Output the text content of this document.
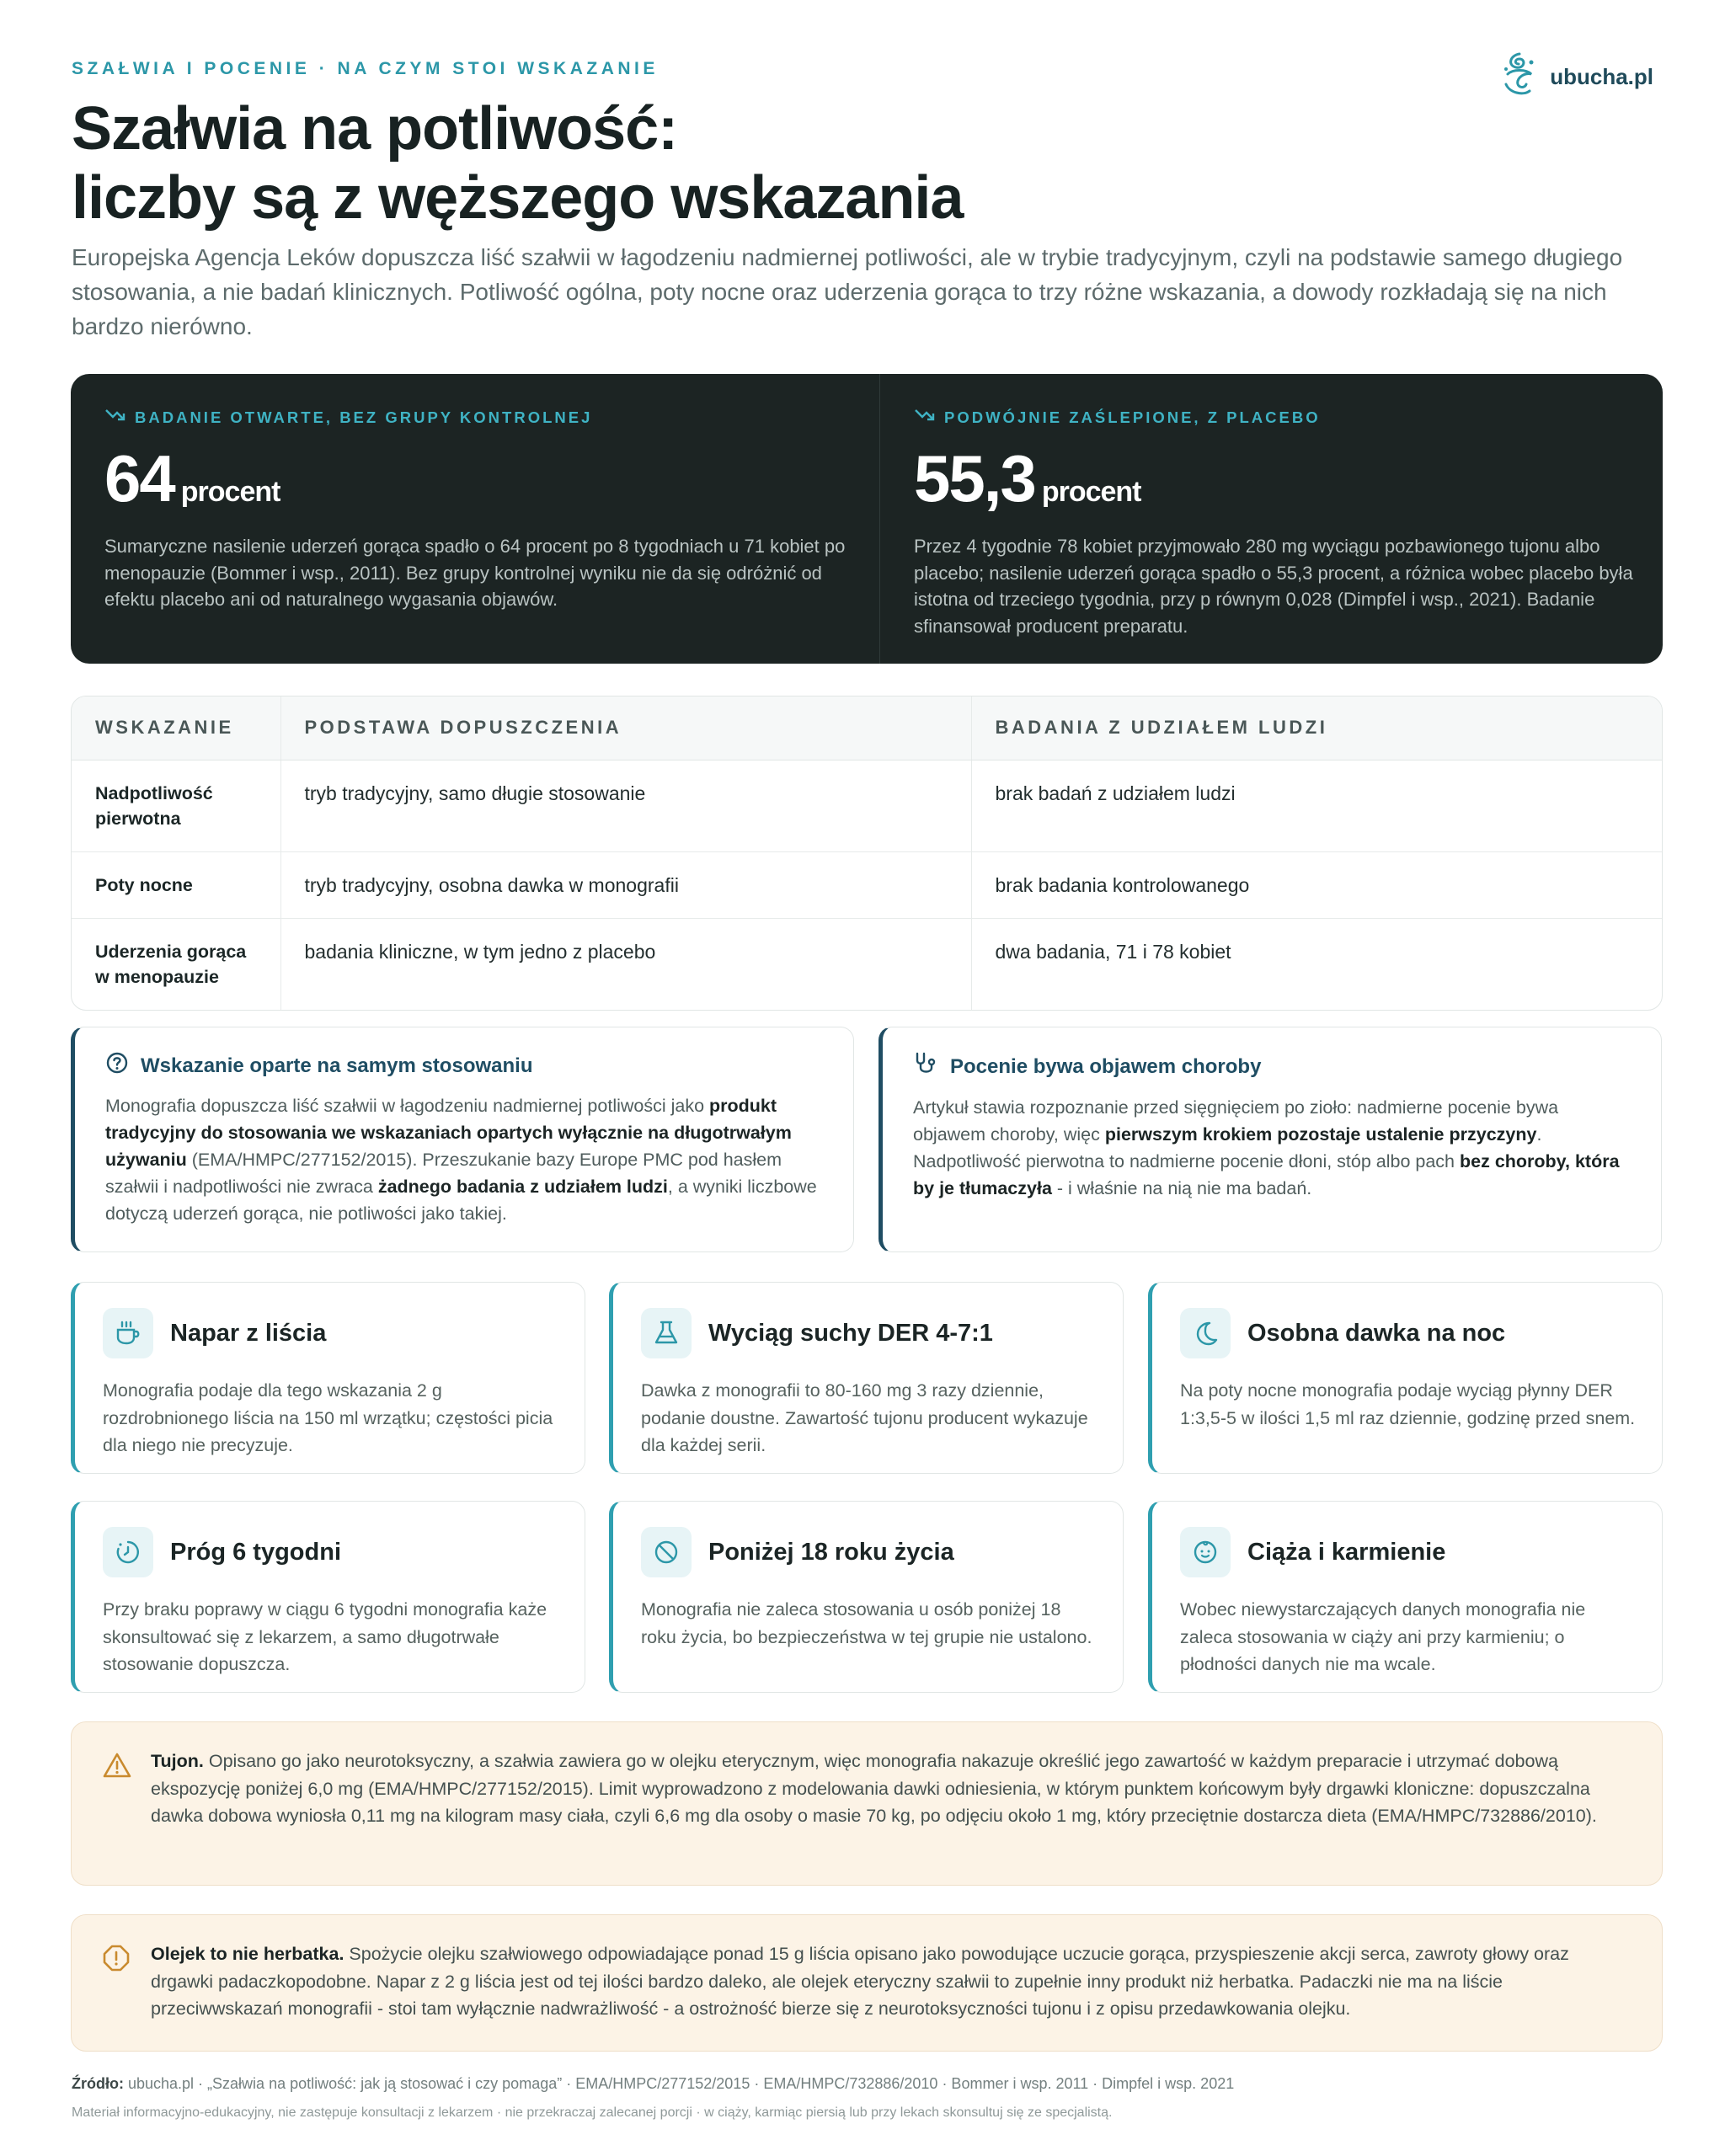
SZAŁWIA I POCENIE · NA CZYM STOI WSKAZANIE	ubucha.pl
Szałwia na potliwość:
liczby są z węższego wskazania

Europejska Agencja Leków dopuszcza liść szałwii w łagodzeniu nadmiernej potliwości, ale w trybie tradycyjnym, czyli na podstawie samego długiego stosowania, a nie badań klinicznych. Potliwość ogólna, poty nocne oraz uderzenia gorąca to trzy różne wskazania, a dowody rozkładają się na nich bardzo nierówno.

BADANIE OTWARTE, BEZ GRUPY KONTROLNEJ
64 procent

Sumaryczne nasilenie uderzeń gorąca spadło o 64 procent po 8 tygodniach u 71 kobiet po menopauzie (Bommer i wsp., 2011). Bez grupy kontrolnej wyniku nie da się odróżnić od efektu placebo ani od naturalnego wygasania objawów.

PODWÓJNIE ZAŚLEPIONE, Z PLACEBO
55,3 procent

Przez 4 tygodnie 78 kobiet przyjmowało 280 mg wyciągu pozbawionego tujonu albo placebo; nasilenie uderzeń gorąca spadło o 55,3 procent, a różnica wobec placebo była istotna od trzeciego tygodnia, przy p równym 0,028 (Dimpfel i wsp., 2021). Badanie sfinansował producent preparatu.

WSKAZANIE	PODSTAWA DOPUSZCZENIA	BADANIA Z UDZIAŁEM LUDZI
Nadpotliwość pierwotna	tryb tradycyjny, samo długie stosowanie	brak badań z udziałem ludzi
Poty nocne	tryb tradycyjny, osobna dawka w monografii	brak badania kontrolowanego
Uderzenia gorąca w menopauzie	badania kliniczne, w tym jedno z placebo	dwa badania, 71 i 78 kobiet
Wskazanie oparte na samym stosowaniu

Monografia dopuszcza liść szałwii w łagodzeniu nadmiernej potliwości jako produkt tradycyjny do stosowania we wskazaniach opartych wyłącznie na długotrwałym używaniu (EMA/HMPC/277152/2015). Przeszukanie bazy Europe PMC pod hasłem szałwii i nadpotliwości nie zwraca żadnego badania z udziałem ludzi, a wyniki liczbowe dotyczą uderzeń gorąca, nie potliwości jako takiej.

Pocenie bywa objawem choroby

Artykuł stawia rozpoznanie przed sięgnięciem po zioło: nadmierne pocenie bywa objawem choroby, więc pierwszym krokiem pozostaje ustalenie przyczyny. Nadpotliwość pierwotna to nadmierne pocenie dłoni, stóp albo pach bez choroby, która by je tłumaczyła - i właśnie na nią nie ma badań.

Napar z liścia

Monografia podaje dla tego wskazania 2 g rozdrobnionego liścia na 150 ml wrzątku; częstości picia dla niego nie precyzuje.

Wyciąg suchy DER 4-7:1

Dawka z monografii to 80-160 mg 3 razy dziennie, podanie doustne. Zawartość tujonu producent wykazuje dla każdej serii.

Osobna dawka na noc

Na poty nocne monografia podaje wyciąg płynny DER 1:3,5-5 w ilości 1,5 ml raz dziennie, godzinę przed snem.

Próg 6 tygodni

Przy braku poprawy w ciągu 6 tygodni monografia każe skonsultować się z lekarzem, a samo długotrwałe stosowanie dopuszcza.

Poniżej 18 roku życia

Monografia nie zaleca stosowania u osób poniżej 18 roku życia, bo bezpieczeństwa w tej grupie nie ustalono.

Ciąża i karmienie

Wobec niewystarczających danych monografia nie zaleca stosowania w ciąży ani przy karmieniu; o płodności danych nie ma wcale.

Tujon. Opisano go jako neurotoksyczny, a szałwia zawiera go w olejku eterycznym, więc monografia nakazuje określić jego zawartość w każdym preparacie i utrzymać dobową ekspozycję poniżej 6,0 mg (EMA/HMPC/277152/2015). Limit wyprowadzono z modelowania dawki odniesienia, w którym punktem końcowym były drgawki kloniczne: dopuszczalna dawka dobowa wyniosła 0,11 mg na kilogram masy ciała, czyli 6,6 mg dla osoby o masie 70 kg, po odjęciu około 1 mg, który przeciętnie dostarcza dieta (EMA/HMPC/732886/2010).

Olejek to nie herbatka. Spożycie olejku szałwiowego odpowiadające ponad 15 g liścia opisano jako powodujące uczucie gorąca, przyspieszenie akcji serca, zawroty głowy oraz drgawki padaczkopodobne. Napar z 2 g liścia jest od tej ilości bardzo daleko, ale olejek eteryczny szałwii to zupełnie inny produkt niż herbatka. Padaczki nie ma na liście przeciwwskazań monografii - stoi tam wyłącznie nadwrażliwość - a ostrożność bierze się z neurotoksyczności tujonu i z opisu przedawkowania olejku.

Źródło: ubucha.pl · „Szałwia na potliwość: jak ją stosować i czy pomaga” · EMA/HMPC/277152/2015 · EMA/HMPC/732886/2010 · Bommer i wsp. 2011 · Dimpfel i wsp. 2021

Materiał informacyjno-edukacyjny, nie zastępuje konsultacji z lekarzem · nie przekraczaj zalecanej porcji · w ciąży, karmiąc piersią lub przy lekach skonsultuj się ze specjalistą.
